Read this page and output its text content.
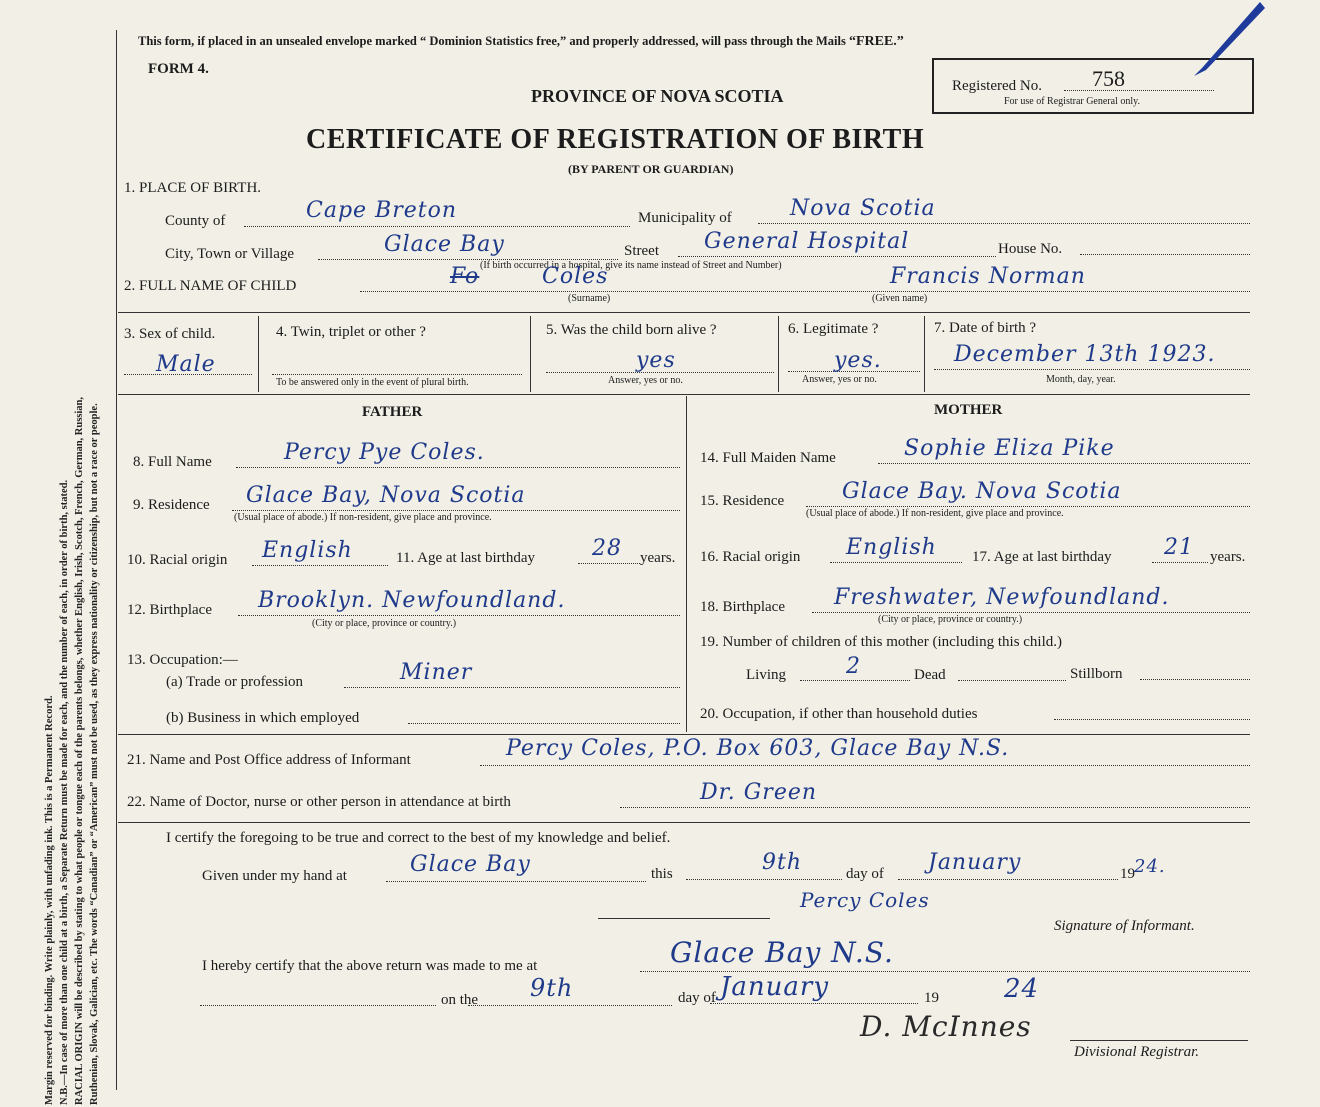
Margin reserved for binding. Write plainly, with unfading ink. This is a Permanent Record. N.B.—In case of more than one child at a birth, a Separate Return must be made for each, and the number of each, in order of birth, stated. RACIAL ORIGIN will be described by stating to what people or tongue each of the parents belongs, whether English, Irish, Scotch, French, German, Russian, Ruthenian, Slovak, Galician, etc. The words “Canadian” or “American” must not be used, as they express nationality or citizenship, but not a race or people.
This form, if placed in an unsealed envelope marked “ Dominion Statistics free,” and properly addressed, will pass through the Mails “FREE.”
FORM 4.
PROVINCE OF NOVA SCOTIA	Registered No. 758
For use of Registrar General only.
CERTIFICATE OF REGISTRATION OF BIRTH
(BY PARENT OR GUARDIAN)
1. PLACE OF BIRTH.
County of	Cape Breton	Municipality of	Nova Scotia
City, Town or Village	Glace Bay	Street General Hospital	House No.
(If birth occurred in a hospital, give its name instead of Street and Number)
2. FULL NAME OF CHILD	Fo	Coles
(Surname)
Francis Norman
(Given name)
3. Sex of child.
Male
4. Twin, triplet or other ?
To be answered only in the event of plural birth.
5. Was the child born alive ?
yes
Answer, yes or no.
6. Legitimate ?
yes.
Answer, yes or no.
7. Date of birth ?
December 13th 1923.
Month, day, year.
FATHER	MOTHER
8. Full Name	Percy Pye Coles.
9. Residence Glace Bay, Nova Scotia
(Usual place of abode.) If non-resident, give place and province.
10. Racial origin English	11. Age at last birthday	28 years.
12. Birthplace Brooklyn. Newfoundland.
(City or place, province or country.)
13. Occupation:—
(a) Trade or profession	Miner
(b) Business in which employed
14. Full Maiden Name	Sophie Eliza Pike
15. Residence	Glace Bay. Nova Scotia
(Usual place of abode.) If non-resident, give place and province.
16. Racial origin English 17. Age at last birthday 21 years.
18. Birthplace Freshwater, Newfoundland.
(City or place, province or country.)
19. Number of children of this mother (including this child.)
Living	2	Dead	Stillborn
20. Occupation, if other than household duties
21. Name and Post Office address of Informant	Percy Coles, P.O. Box 603, Glace Bay N.S.
22. Name of Doctor, nurse or other person in attendance at birth	Dr. Green
I certify the foregoing to be true and correct to the best of my knowledge and belief.
Given under my hand at	Glace Bay	this	9th	day of January	19 24.
Percy Coles
Signature of Informant.
I hereby certify that the above return was made to me at	Glace Bay N.S.
on the 9th	day of January	19	24
D. McInnes
Divisional Registrar.
